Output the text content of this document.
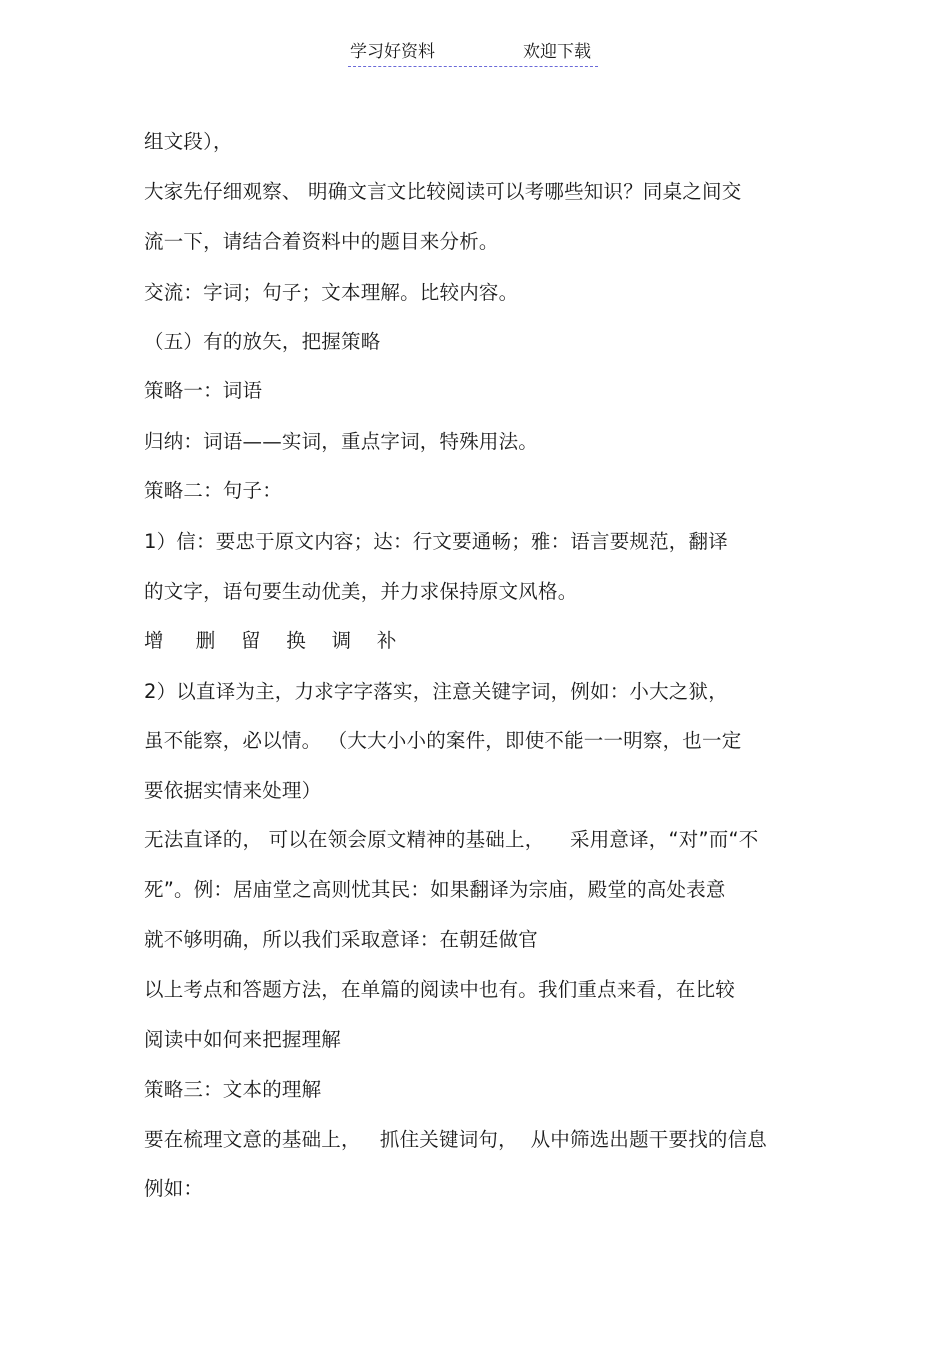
学习好资料	欢迎下载
组文段），
大家先仔细观察、 明确文言文比较阅读可以考哪些知识？同桌之间交
流一下，请结合着资料中的题目来分析。
交流：字词；句子；文本理解。比较内容。
（五）有的放矢，把握策略
策略一：词语
归纳：词语——实词，重点字词，特殊用法。
策略二：句子：
1）信：要忠于原文内容；达：行文要通畅；雅：语言要规范，翻译
的文字，语句要生动优美，并力求保持原文风格。
增     删    留    换    调    补
2）以直译为主，力求字字落实，注意关键字词，例如：小大之狱，
虽不能察，必以情。 （大大小小的案件，即使不能一一明察，也一定
要依据实情来处理）
无法直译的， 可以在领会原文精神的基础上，    采用意译，“对”而“不
死”。例：居庙堂之高则忧其民：如果翻译为宗庙，殿堂的高处表意
就不够明确，所以我们采取意译：在朝廷做官
以上考点和答题方法，在单篇的阅读中也有。我们重点来看，在比较
阅读中如何来把握理解
策略三：文本的理解
要在梳理文意的基础上，   抓住关键词句，  从中筛选出题干要找的信息
例如：
